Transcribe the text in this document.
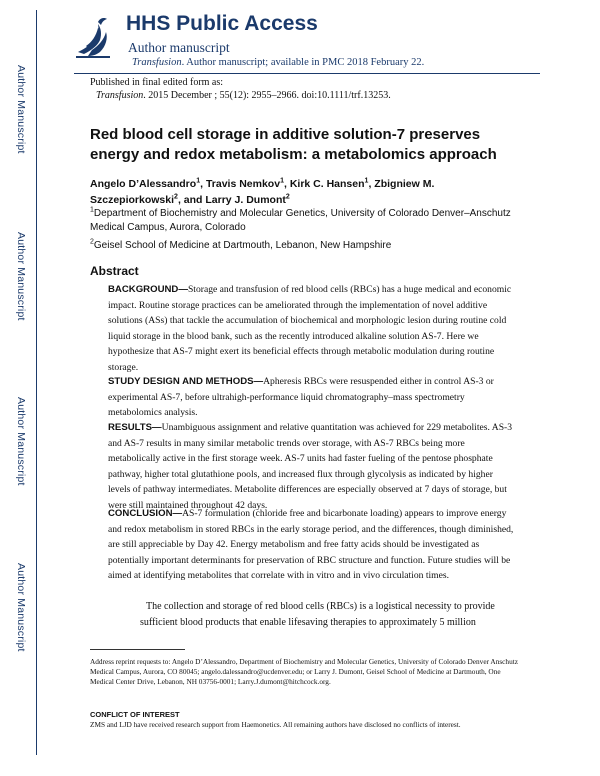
Author Manuscript
Author Manuscript
Author Manuscript
Author Manuscript
HHS Public Access
Author manuscript
Transfusion. Author manuscript; available in PMC 2018 February 22.
Published in final edited form as:
Transfusion. 2015 December ; 55(12): 2955–2966. doi:10.1111/trf.13253.
Red blood cell storage in additive solution-7 preserves energy and redox metabolism: a metabolomics approach
Angelo D’Alessandro$^1$, Travis Nemkov$^1$, Kirk C. Hansen$^1$, Zbigniew M. Szczepiorkowski$^2$, and Larry J. Dumont$^2$
$^1$Department of Biochemistry and Molecular Genetics, University of Colorado Denver–Anschutz Medical Campus, Aurora, Colorado
$^2$Geisel School of Medicine at Dartmouth, Lebanon, New Hampshire
Abstract
BACKGROUND—Storage and transfusion of red blood cells (RBCs) has a huge medical and economic impact. Routine storage practices can be ameliorated through the implementation of novel additive solutions (ASs) that tackle the accumulation of biochemical and morphologic lesion during routine cold liquid storage in the blood bank, such as the recently introduced alkaline solution AS-7. Here we hypothesize that AS-7 might exert its beneficial effects through metabolic modulation during routine storage.
STUDY DESIGN AND METHODS—Apheresis RBCs were resuspended either in control AS-3 or experimental AS-7, before ultrahigh-performance liquid chromatography–mass spectrometry metabolomics analysis.
RESULTS—Unambiguous assignment and relative quantitation was achieved for 229 metabolites. AS-3 and AS-7 results in many similar metabolic trends over storage, with AS-7 RBCs being more metabolically active in the first storage week. AS-7 units had faster fueling of the pentose phosphate pathway, higher total glutathione pools, and increased flux through glycolysis as indicated by higher levels of pathway intermediates. Metabolite differences are especially observed at 7 days of storage, but were still maintained throughout 42 days.
CONCLUSION—AS-7 formulation (chloride free and bicarbonate loading) appears to improve energy and redox metabolism in stored RBCs in the early storage period, and the differences, though diminished, are still appreciable by Day 42. Energy metabolism and free fatty acids should be investigated as potentially important determinants for preservation of RBC structure and function. Future studies will be aimed at identifying metabolites that correlate with in vitro and in vivo circulation times.
The collection and storage of red blood cells (RBCs) is a logistical necessity to provide sufficient blood products that enable lifesaving therapies to approximately 5 million
Address reprint requests to: Angelo D’Alessandro, Department of Biochemistry and Molecular Genetics, University of Colorado Denver Anschutz Medical Campus, Aurora, CO 80045; angelo.dalessandro@ucdenver.edu; or Larry J. Dumont, Geisel School of Medicine at Dartmouth, One Medical Center Drive, Lebanon, NH 03756-0001; Larry.J.dumont@hitchcock.org.
CONFLICT OF INTEREST
ZMS and LJD have received research support from Haemonetics. All remaining authors have disclosed no conflicts of interest.
